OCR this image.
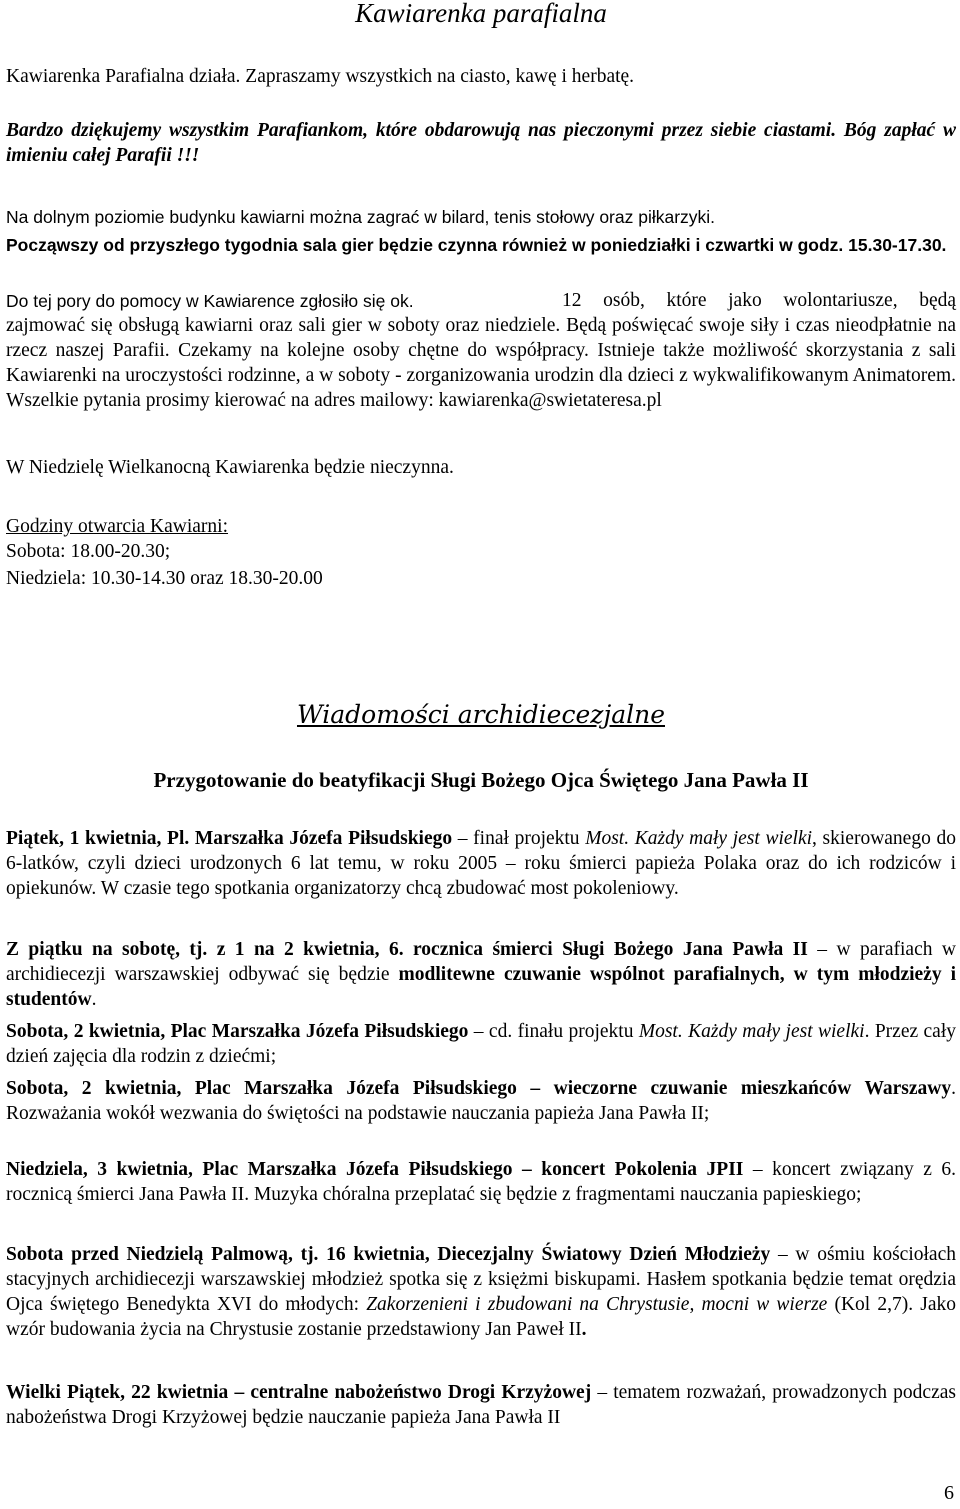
Kawiarenka parafialna

Kawiarenka Parafialna działa. Zapraszamy wszystkich na ciasto, kawę i herbatę.

Bardzo dziękujemy wszystkim Parafiankom, które obdarowują nas pieczonymi przez siebie ciastami. Bóg zapłać w imieniu całej Parafii !!!

Na dolnym poziomie budynku kawiarni można zagrać w bilard, tenis stołowy oraz piłkarzyki.

Począwszy od przyszłego tygodnia sala gier będzie czynna również w poniedziałki i czwartki w godz. 15.30-17.30.

Do tej pory do pomocy w Kawiarence zgłosiło się ok.	12 osób, które jako wolontariusze, będą zajmować się obsługą kawiarni oraz sali gier w soboty oraz niedziele. Będą poświęcać swoje siły i czas nieodpłatnie na rzecz naszej Parafii. Czekamy na kolejne osoby chętne do współpracy. Istnieje także możliwość skorzystania z sali Kawiarenki na uroczystości rodzinne, a w soboty - zorganizowania urodzin dla dzieci z wykwalifikowanym Animatorem. Wszelkie pytania prosimy kierować na adres mailowy: kawiarenka@swietateresa.pl

W Niedzielę Wielkanocną Kawiarenka będzie nieczynna.

Godziny otwarcia Kawiarni:

Sobota: 18.00-20.30;

Niedziela: 10.30-14.30 oraz 18.30-20.00

Wiadomości archidiecezjalne
Przygotowanie do beatyfikacji Sługi Bożego Ojca Świętego Jana Pawła II

Piątek, 1 kwietnia, Pl. Marszałka Józefa Piłsudskiego – finał projektu Most. Każdy mały jest wielki, skierowanego do 6-latków, czyli dzieci urodzonych 6 lat temu, w roku 2005 – roku śmierci papieża Polaka oraz do ich rodziców i opiekunów. W czasie tego spotkania organizatorzy chcą zbudować most pokoleniowy.

Z piątku na sobotę, tj. z 1 na 2 kwietnia, 6. rocznica śmierci Sługi Bożego Jana Pawła II – w parafiach w archidiecezji warszawskiej odbywać się będzie modlitewne czuwanie wspólnot parafialnych, w tym młodzieży i studentów.

Sobota, 2 kwietnia, Plac Marszałka Józefa Piłsudskiego – cd. finału projektu Most. Każdy mały jest wielki. Przez cały dzień zajęcia dla rodzin z dziećmi;

Sobota, 2 kwietnia, Plac Marszałka Józefa Piłsudskiego – wieczorne czuwanie mieszkańców Warszawy. Rozważania wokół wezwania do świętości na podstawie nauczania papieża Jana Pawła II;

Niedziela, 3 kwietnia, Plac Marszałka Józefa Piłsudskiego – koncert Pokolenia JPII – koncert związany z 6. rocznicą śmierci Jana Pawła II. Muzyka chóralna przeplatać się będzie z fragmentami nauczania papieskiego;

Sobota przed Niedzielą Palmową, tj. 16 kwietnia, Diecezjalny Światowy Dzień Młodzieży – w ośmiu kościołach stacyjnych archidiecezji warszawskiej młodzież spotka się z księżmi biskupami. Hasłem spotkania będzie temat orędzia Ojca świętego Benedykta XVI do młodych: Zakorzenieni i zbudowani na Chrystusie, mocni w wierze (Kol 2,7). Jako wzór budowania życia na Chrystusie zostanie przedstawiony Jan Paweł II.

Wielki Piątek, 22 kwietnia – centralne nabożeństwo Drogi Krzyżowej – tematem rozważań, prowadzonych podczas nabożeństwa Drogi Krzyżowej będzie nauczanie papieża Jana Pawła II

6
